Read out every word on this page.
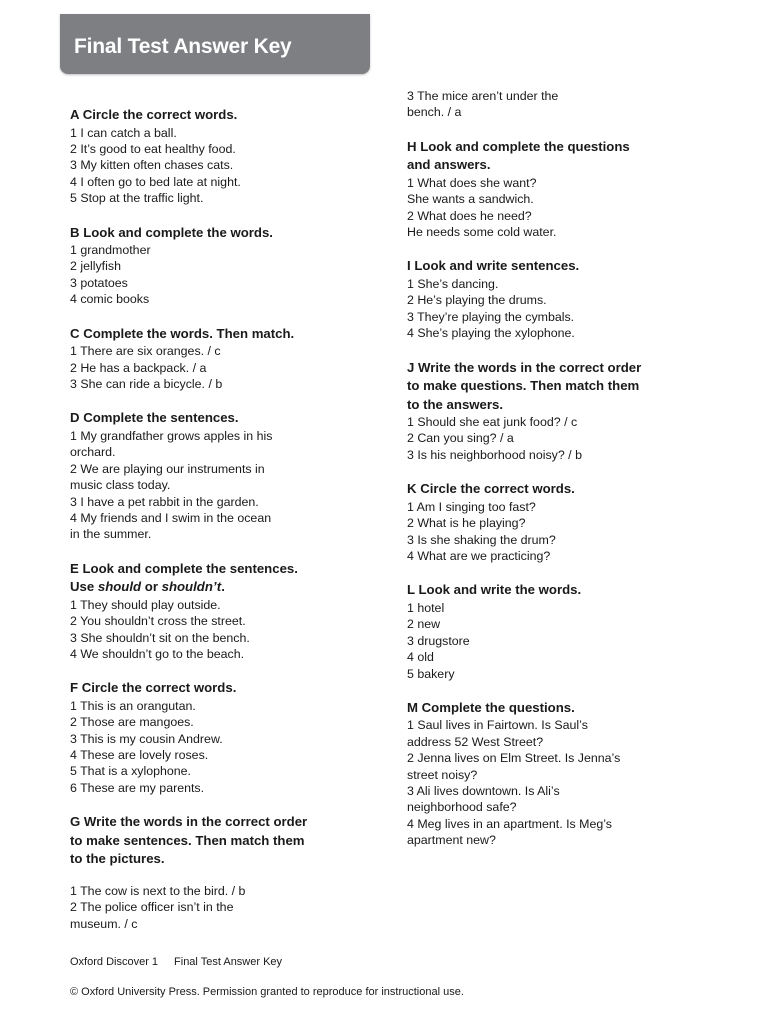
Final Test Answer Key
A Circle the correct words.
1 I can catch a ball.
2 It’s good to eat healthy food.
3 My kitten often chases cats.
4 I often go to bed late at night.
5 Stop at the traffic light.
B Look and complete the words.
1 grandmother
2 jellyfish
3 potatoes
4 comic books
C Complete the words. Then match.
1 There are six oranges. / c
2 He has a backpack. / a
3 She can ride a bicycle. / b
D Complete the sentences.
1 My grandfather grows apples in his
orchard.
2 We are playing our instruments in
music class today.
3 I have a pet rabbit in the garden.
4 My friends and I swim in the ocean
in the summer.
E Look and complete the sentences.
Use should or shouldn’t.
1 They should play outside.
2 You shouldn’t cross the street.
3 She shouldn’t sit on the bench.
4 We shouldn’t go to the beach.
F Circle the correct words.
1 This is an orangutan.
2 Those are mangoes.
3 This is my cousin Andrew.
4 These are lovely roses.
5 That is a xylophone.
6 These are my parents.
G Write the words in the correct order
to make sentences. Then match them
to the pictures.
1 The cow is next to the bird. / b
2 The police officer isn’t in the
museum. / c
3 The mice aren’t under the
bench. / a
H Look and complete the questions
and answers.
1 What does she want?
She wants a sandwich.
2 What does he need?
He needs some cold water.
I Look and write sentences.
1 She’s dancing.
2 He’s playing the drums.
3 They’re playing the cymbals.
4 She’s playing the xylophone.
J Write the words in the correct order
to make questions. Then match them
to the answers.
1 Should she eat junk food? / c
2 Can you sing? / a
3 Is his neighborhood noisy? / b
K Circle the correct words.
1 Am I singing too fast?
2 What is he playing?
3 Is she shaking the drum?
4 What are we practicing?
L Look and write the words.
1 hotel
2 new
3 drugstore
4 old
5 bakery
M Complete the questions.
1 Saul lives in Fairtown. Is Saul’s
address 52 West Street?
2 Jenna lives on Elm Street. Is Jenna’s
street noisy?
3 Ali lives downtown. Is Ali’s
neighborhood safe?
4 Meg lives in an apartment. Is Meg’s
apartment new?
Oxford Discover 1 Final Test Answer Key
© Oxford University Press. Permission granted to reproduce for instructional use.
